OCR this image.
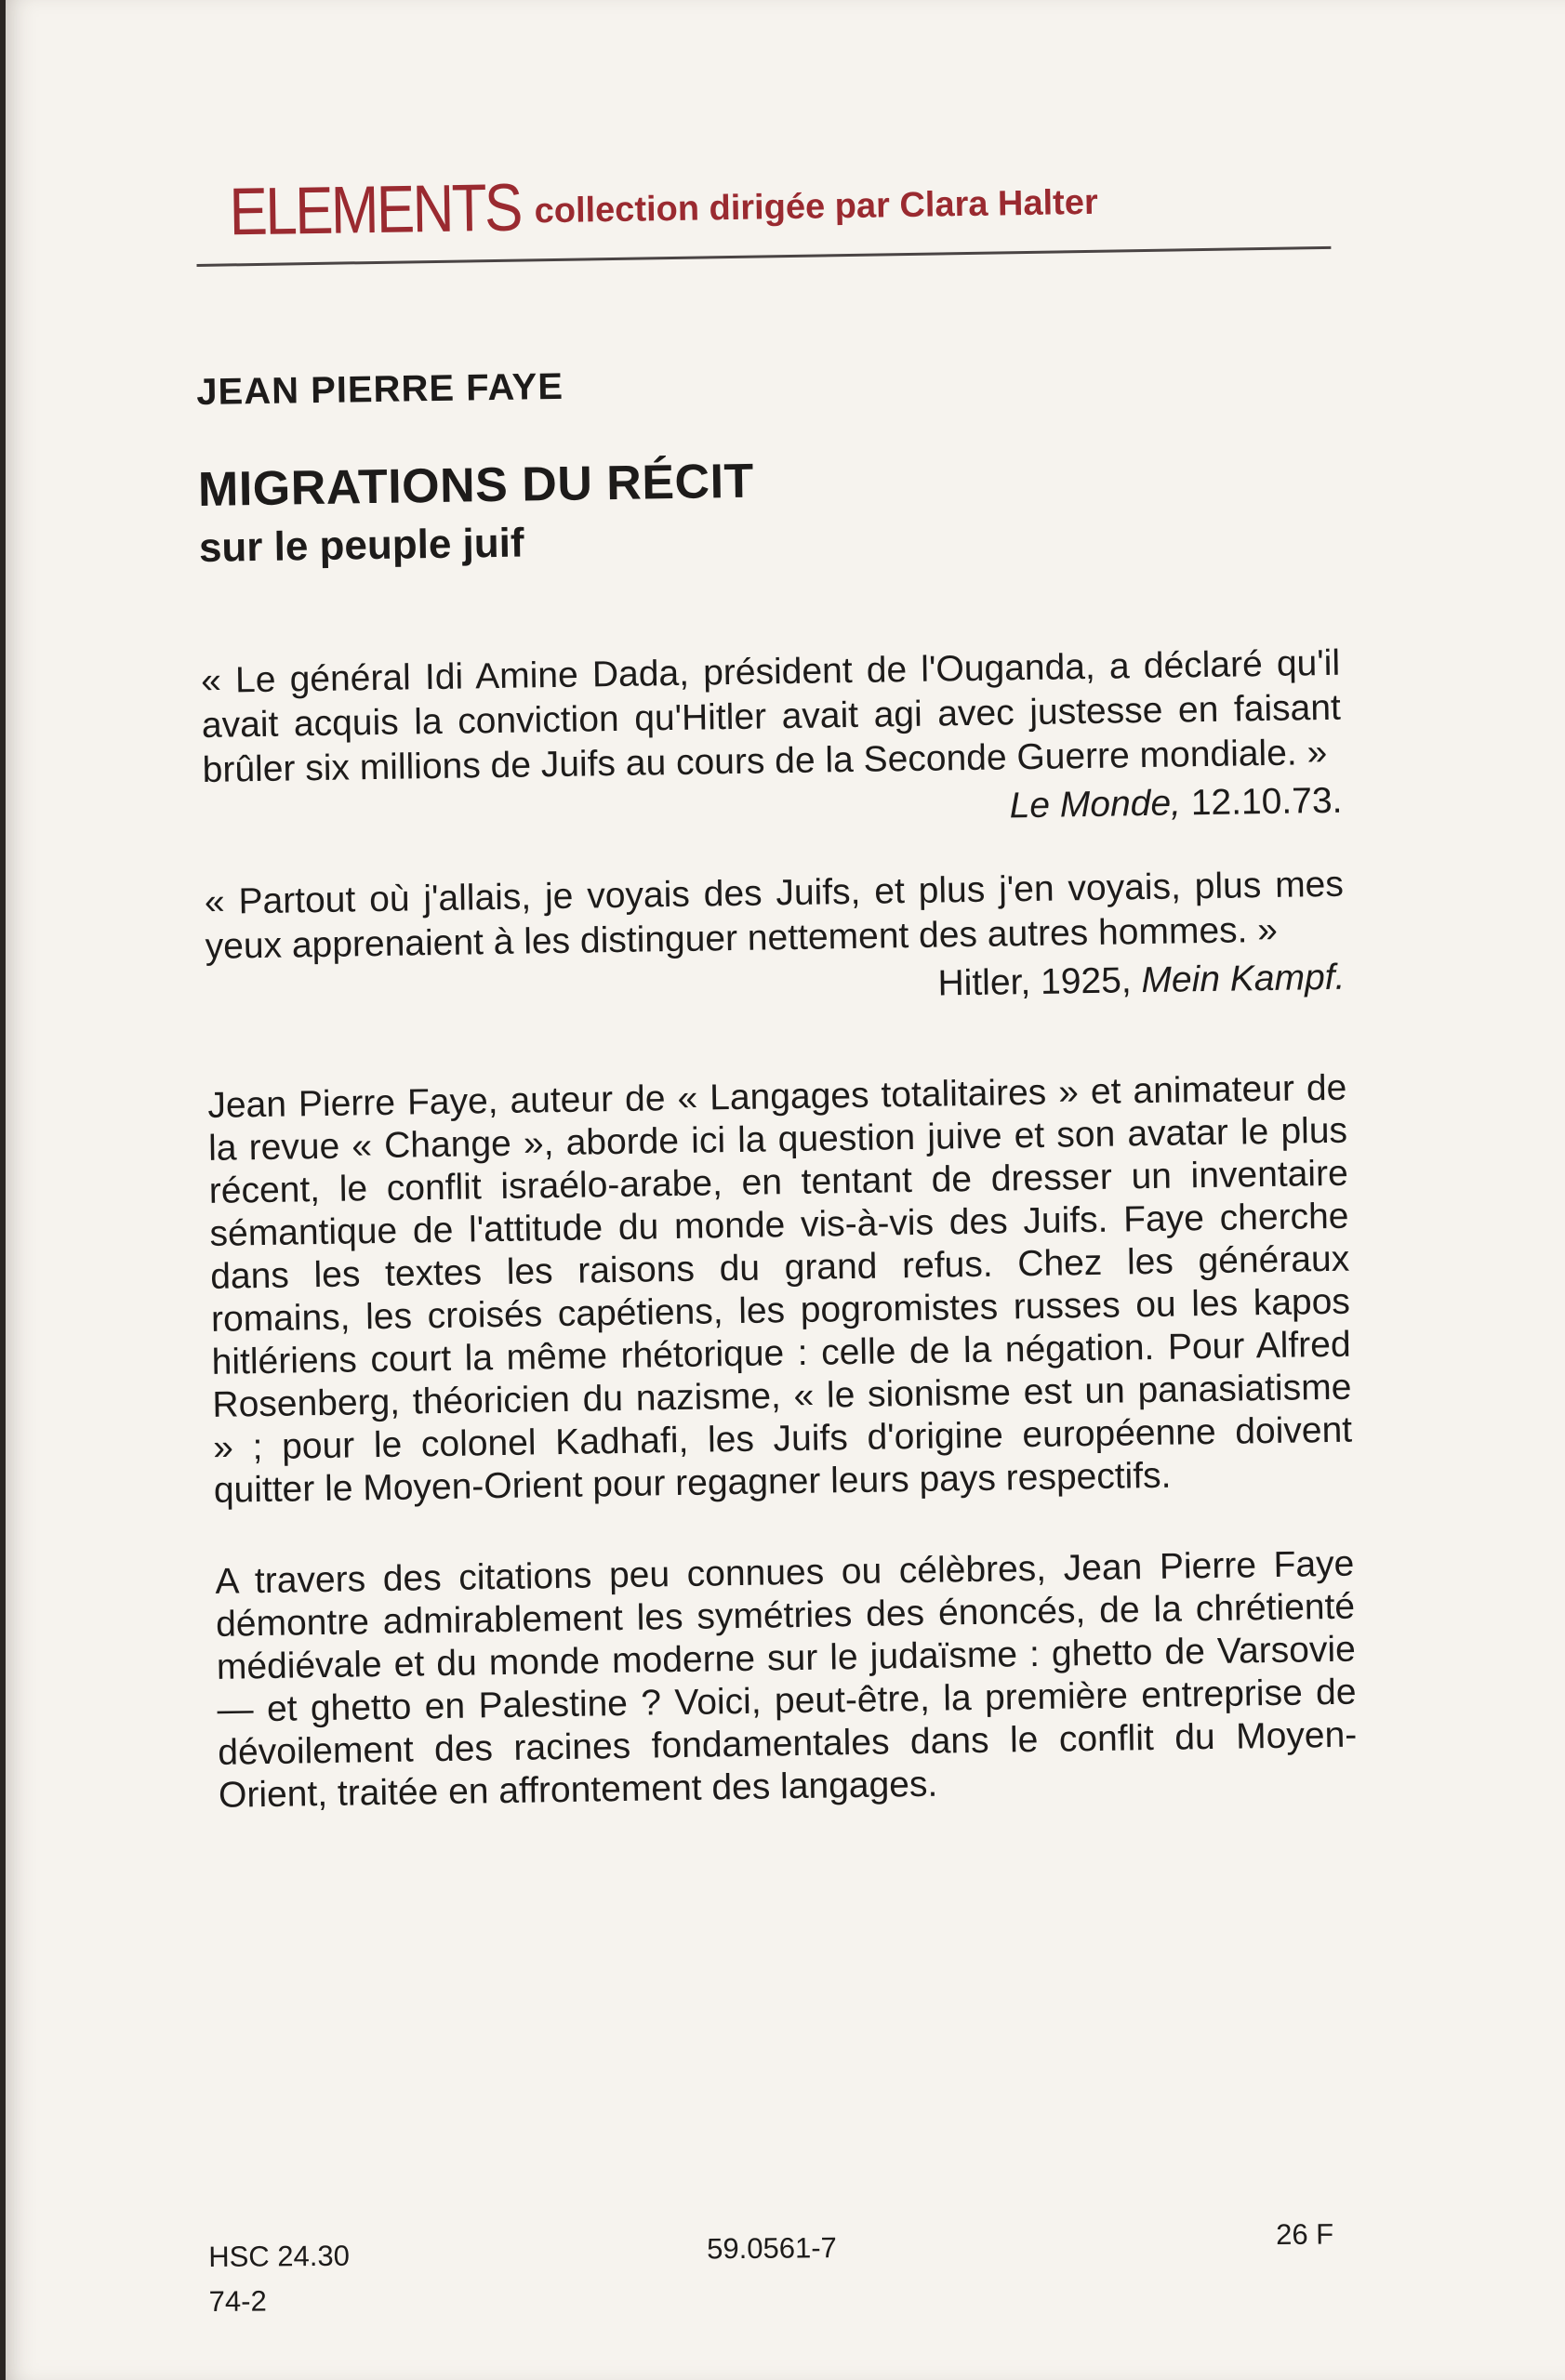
ELEMENTS collection dirigée par Clara Halter

JEAN PIERRE FAYE

MIGRATIONS DU RÉCIT

sur le peuple juif

« Le général Idi Amine Dada, président de l'Ouganda, a déclaré qu'il avait acquis la conviction qu'Hitler avait agi avec justesse en faisant brûler six millions de Juifs au cours de la Seconde Guerre mondiale. »

Le Monde, 12.10.73.

« Partout où j'allais, je voyais des Juifs, et plus j'en voyais, plus mes yeux apprenaient à les distinguer nettement des autres hommes. »

Hitler, 1925, Mein Kampf.

Jean Pierre Faye, auteur de « Langages totalitaires » et animateur de la revue « Change », aborde ici la question juive et son avatar le plus récent, le conflit israélo-arabe, en tentant de dresser un inventaire sémantique de l'attitude du monde vis-à-vis des Juifs. Faye cherche dans les textes les raisons du grand refus. Chez les généraux romains, les croisés capétiens, les pogromistes russes ou les kapos hitlériens court la même rhétorique : celle de la négation. Pour Alfred Rosenberg, théoricien du nazisme, « le sionisme est un panasiatisme » ; pour le colonel Kadhafi, les Juifs d'origine européenne doivent quitter le Moyen-Orient pour regagner leurs pays respectifs.

A travers des citations peu connues ou célèbres, Jean Pierre Faye démontre admirablement les symétries des énoncés, de la chrétienté médiévale et du monde moderne sur le judaïsme : ghetto de Varsovie — et ghetto en Palestine ? Voici, peut-être, la première entreprise de dévoilement des racines fondamentales dans le conflit du Moyen-Orient, traitée en affrontement des langages.

HSC 24.30
74-2
59.0561-7	26 F
